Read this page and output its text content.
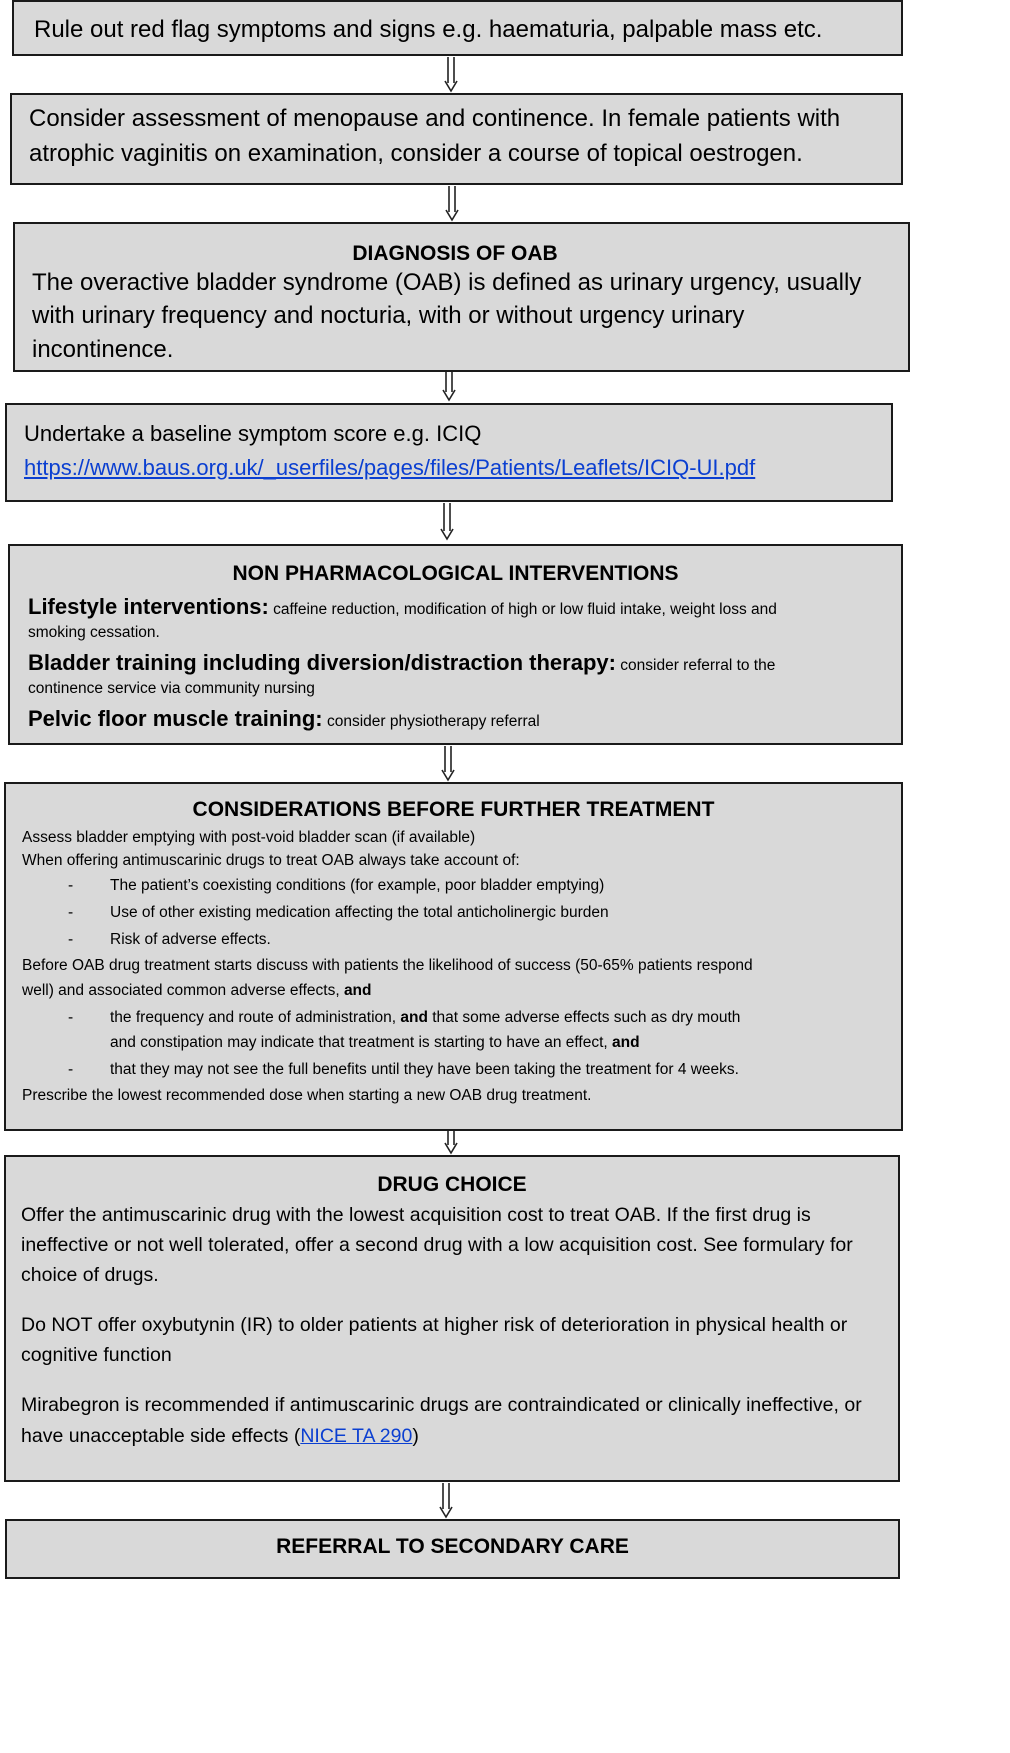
Rule out red flag symptoms and signs e.g. haematuria, palpable mass etc.
Consider assessment of menopause and continence. In female patients with
atrophic vaginitis on examination, consider a course of topical oestrogen.
DIAGNOSIS OF OAB
The overactive bladder syndrome (OAB) is defined as urinary urgency, usually
with urinary frequency and nocturia, with or without urgency urinary
incontinence.
Undertake a baseline symptom score e.g. ICIQ
https://www.baus.org.uk/_userfiles/pages/files/Patients/Leaflets/ICIQ-UI.pdf
NON PHARMACOLOGICAL INTERVENTIONS
Lifestyle interventions: caffeine reduction, modification of high or low fluid intake, weight loss and
smoking cessation.
Bladder training including diversion/distraction therapy: consider referral to the
continence service via community nursing
Pelvic floor muscle training: consider physiotherapy referral
CONSIDERATIONS BEFORE FURTHER TREATMENT
Assess bladder emptying with post-void bladder scan (if available)
When offering antimuscarinic drugs to treat OAB always take account of:
- The patient’s coexisting conditions (for example, poor bladder emptying)
- Use of other existing medication affecting the total anticholinergic burden
- Risk of adverse effects.
Before OAB drug treatment starts discuss with patients the likelihood of success (50-65% patients respond
well) and associated common adverse effects, and
- the frequency and route of administration, and that some adverse effects such as dry mouth
and constipation may indicate that treatment is starting to have an effect, and
- that they may not see the full benefits until they have been taking the treatment for 4 weeks.
Prescribe the lowest recommended dose when starting a new OAB drug treatment.
DRUG CHOICE
Offer the antimuscarinic drug with the lowest acquisition cost to treat OAB. If the first drug is
ineffective or not well tolerated, offer a second drug with a low acquisition cost. See formulary for
choice of drugs.
Do NOT offer oxybutynin (IR) to older patients at higher risk of deterioration in physical health or
cognitive function
Mirabegron is recommended if antimuscarinic drugs are contraindicated or clinically ineffective, or
have unacceptable side effects (NICE TA 290)
REFERRAL TO SECONDARY CARE
